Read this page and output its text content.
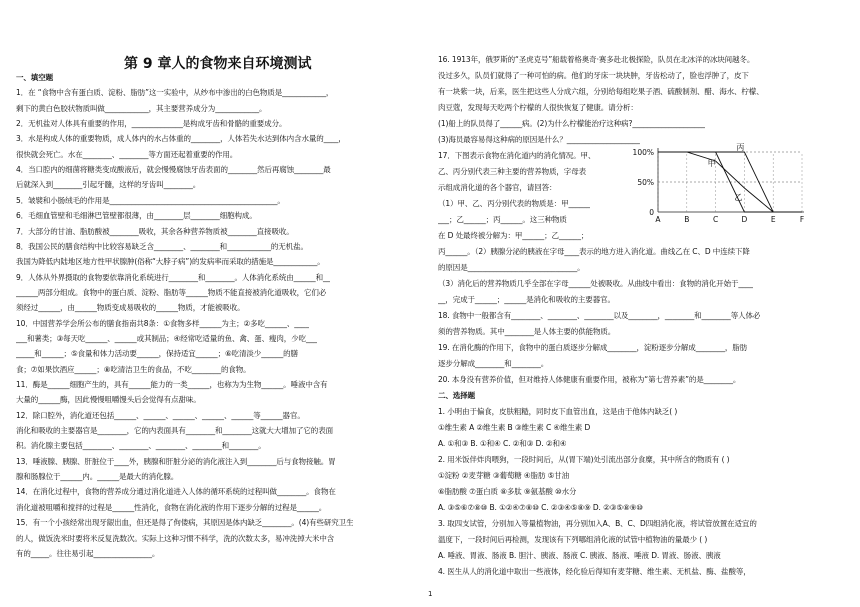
第 9 章人的食物来自环境测试
一、填空题
1．在 “食物中含有蛋白质、淀粉、脂肪”这一实验中，从纱布中渗出的白色物质是____________，
剩下的黄白色胶状物质叫做____________，其主要营养成分为____________。
2．无机盐对人体具有重要的作用，______________是构成牙齿和骨骼的重要成分。
3．水是构成人体的重要物质，成人体内的水占体重的________，人体若失水达到体内含水量的____，
很快就会死亡。水在________、________等方面还起着重要的作用。
4．当口腔内的细菌将糖类变成酸液后，就会慢慢腐蚀牙齿表面的________然后再腐蚀________最
后就深入到________引起牙髓，这样的牙齿叫________。
5．皱襞和小肠绒毛的作用是______________________________________________。
6．毛细血管壁和毛细淋巴管壁都很薄，由________层________细胞构成。
7．大部分的甘油、脂肪酸被________吸收，其余各种营养物质被________直接吸收。
8．我国公民的膳食结构中比较容易缺乏含________、________和____________的无机盐。
我国为降低内陆地区地方性甲状腺肿(俗称“大脖子病”)的发病率而采取的措施是____________。
9．人体从外界摄取的食物要依靠消化系统进行________和________。人体消化系统由______和__
______两部分组成。食物中的蛋白质、淀粉、脂肪等______物质不能直接被消化道吸收，它们必
须经过______，由______物质变成易吸收的______物质，才能被吸收。
10．中国营养学会所公布的膳食指南共8条：①食物多样______为主；②多吃______、____
___和薯类；③每天吃______、______或其制品；④经常吃适量的鱼、禽、蛋、瘦肉，少吃___
_____和______；⑤食量和体力活动要______，保持适宜______；⑥吃清淡少______的膳
食；⑦如果饮酒应______；⑧吃清洁卫生的食品，不吃________的食物。
11．酶是______细胞产生的，具有______能力的一类______，也称为为生物______。唾液中含有
大量的______酶，因此慢慢咀嚼馒头后会觉得有点甜味。
12．除口腔外，消化道还包括______、______、______、______、______等______器官。
消化和吸收的主要器官是________，它的内表面具有________和________这就大大增加了它的表面
积。消化腺主要包括________、________、________、________和________。
13．唾液腺、胰腺、肝脏位于____外，胰腺和肝脏分泌的消化液注入到________后与食物接触。胃
腺和肠腺位于______内。______是最大的消化腺。
14．在消化过程中，食物的营养成分通过消化道进入人体的循环系统的过程叫做________。食物在
消化道被咀嚼和搅拌的过程是______性消化，食物在消化液的作用下逐步分解的过程是______。
15．有一个小孩经常出现牙龈出血，但还是得了佝偻病，其原因是体内缺乏________。(4)有些研究卫生
的人，做饭洗米时要将米反复洗数次。实际上这种习惯不科学，洗的次数太多，易冲洗掉大米中含
有的_____。往往易引起________________。
16. 1913年，俄罗斯的“圣虎克号”船载着格奥奇·赛多赴北极探险，队员在北冰洋的冰块间越冬。
没过多久，队员们就得了一种可怕的病。他们的牙床一块块肿，牙齿松动了，脸也浮肿了，皮下
有一块紫一块，后来，医生把这些人分成六组，分别给每组吃果子酒、硫酸制剂、醋、海水、柠檬、
肉豆蔻，发现每天吃两个柠檬的人很快恢复了健康。请分析：
(1)船上的队员得了______病。(2)为什么柠檬能治疗这种病?____________________
(3)海员最容易得这种病的原因是什么？____________________
17．下图表示食物在消化道内的消化情况。甲、
乙、丙分别代表三种主要的营养物质，字母表
示组成消化道的各个器官，请回答：
（1）甲、乙、丙分别代表的物质是：甲______
___；乙______；丙______。这三种物质
在 D 处最终被分解为：甲______；乙______；
丙______。（2）胰腺分泌的胰液在字母____表示的地方进入消化道。曲线乙在 C、D 中连续下降
的原因是______________________________。
（3）消化后的营养物质几乎全部在字母______处被吸收。从曲线中看出：食物的消化开始于____
__，完成于______；______是消化和吸收的主要器官。
18. 食物中一般都含有________、________、________以及________，________和________等人体必
须的营养物质。其中________是人体主要的供能物质。
19. 在消化酶的作用下，食物中的蛋白质逐步分解成________，淀粉逐步分解成________，脂肪
逐步分解成________和________。
20. 本身没有营养价值，但对维持人体健康有重要作用，被称为“第七营养素”的是________。
二、选择题
1. 小明由于偏食，皮肤粗糙，同时皮下血管出血，这是由于他体内缺乏( )
①维生素 A ②维生素 B ③维生素 C ④维生素 D
A. ①和③ B. ①和④ C. ②和③ D. ②和④
2. 用米饭伴炸肉喂狗，一段时间后，从(胃下端)处引流出部分食糜，其中所含的物质有 ( )
①淀粉 ②麦芽糖 ③葡萄糖 ④脂肪 ⑤甘油
⑥脂肪酸 ⑦蛋白质 ⑧多肽 ⑨氨基酸 ⑩水分
A. ③⑤⑥⑦⑧⑩ B. ①②④⑦⑧⑩ C. ②③④⑤⑧⑨ D. ②③⑤⑧⑨⑩
3. 取四支试管，分别加入等量植物油，再分别加入A、B、C、D四组消化液，将试管放置在适宜的
温度下，一段时间后再检测，发现该有下列哪组消化液的试管中植物油的量最少 ( )
A. 唾液、胃液、肠液 B. 胆汁、胰液、肠液 C. 胰液、肠液、唾液 D. 胃液、肠液、胰液
4. 医生从人的消化道中取出一些液体，经化验后得知有麦芽糖、维生素、无机盐、酶、盐酸等，
100%
50%
0
A	B	C	D	E	F
甲
乙
丙
1
